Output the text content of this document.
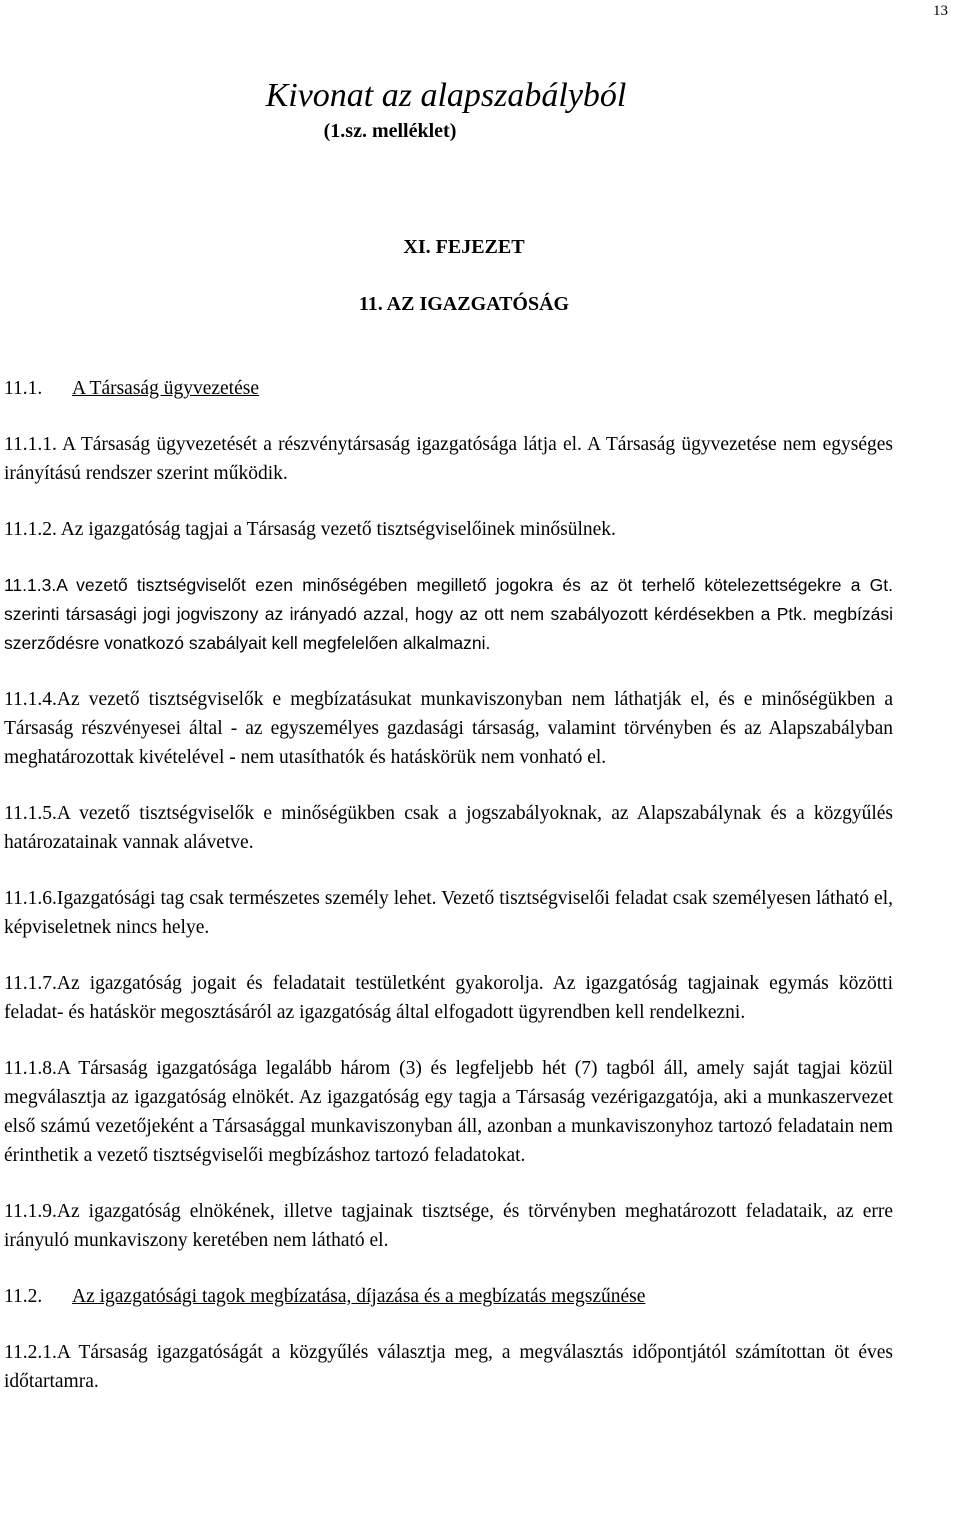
13
Kivonat az alapszabályból
(1.sz. melléklet)
XI. FEJEZET
11. AZ IGAZGATÓSÁG
11.1. A Társaság ügyvezetése

11.1.1. A Társaság ügyvezetését a részvénytársaság igazgatósága látja el. A Társaság ügyvezetése nem egységes irányítású rendszer szerint működik.

11.1.2. Az igazgatóság tagjai a Társaság vezető tisztségviselőinek minősülnek.

11.1.3.A vezető tisztségviselőt ezen minőségében megillető jogokra és az öt terhelő kötelezettségekre a Gt. szerinti társasági jogi jogviszony az irányadó azzal, hogy az ott nem szabályozott kérdésekben a Ptk. megbízási szerződésre vonatkozó szabályait kell megfelelően alkalmazni.

11.1.4.Az vezető tisztségviselők e megbízatásukat munkaviszonyban nem láthatják el, és e minőségükben a Társaság részvényesei által - az egyszemélyes gazdasági társaság, valamint törvényben és az Alapszabályban meghatározottak kivételével - nem utasíthatók és hatáskörük nem vonható el.

11.1.5.A vezető tisztségviselők e minőségükben csak a jogszabályoknak, az Alapszabálynak és a közgyűlés határozatainak vannak alávetve.

11.1.6.Igazgatósági tag csak természetes személy lehet. Vezető tisztségviselői feladat csak személyesen látható el, képviseletnek nincs helye.

11.1.7.Az igazgatóság jogait és feladatait testületként gyakorolja. Az igazgatóság tagjainak egymás közötti feladat- és hatáskör megosztásáról az igazgatóság által elfogadott ügyrendben kell rendelkezni.

11.1.8.A Társaság igazgatósága legalább három (3) és legfeljebb hét (7) tagból áll, amely saját tagjai közül megválasztja az igazgatóság elnökét. Az igazgatóság egy tagja a Társaság vezérigazgatója, aki a munkaszervezet első számú vezetőjeként a Társasággal munkaviszonyban áll, azonban a munkaviszonyhoz tartozó feladatain nem érinthetik a vezető tisztségviselői megbízáshoz tartozó feladatokat.

11.1.9.Az igazgatóság elnökének, illetve tagjainak tisztsége, és törvényben meghatározott feladataik, az erre irányuló munkaviszony keretében nem látható el.

11.2. Az igazgatósági tagok megbízatása, díjazása és a megbízatás megszűnése

11.2.1.A Társaság igazgatóságát a közgyűlés választja meg, a megválasztás időpontjától számítottan öt éves időtartamra.
